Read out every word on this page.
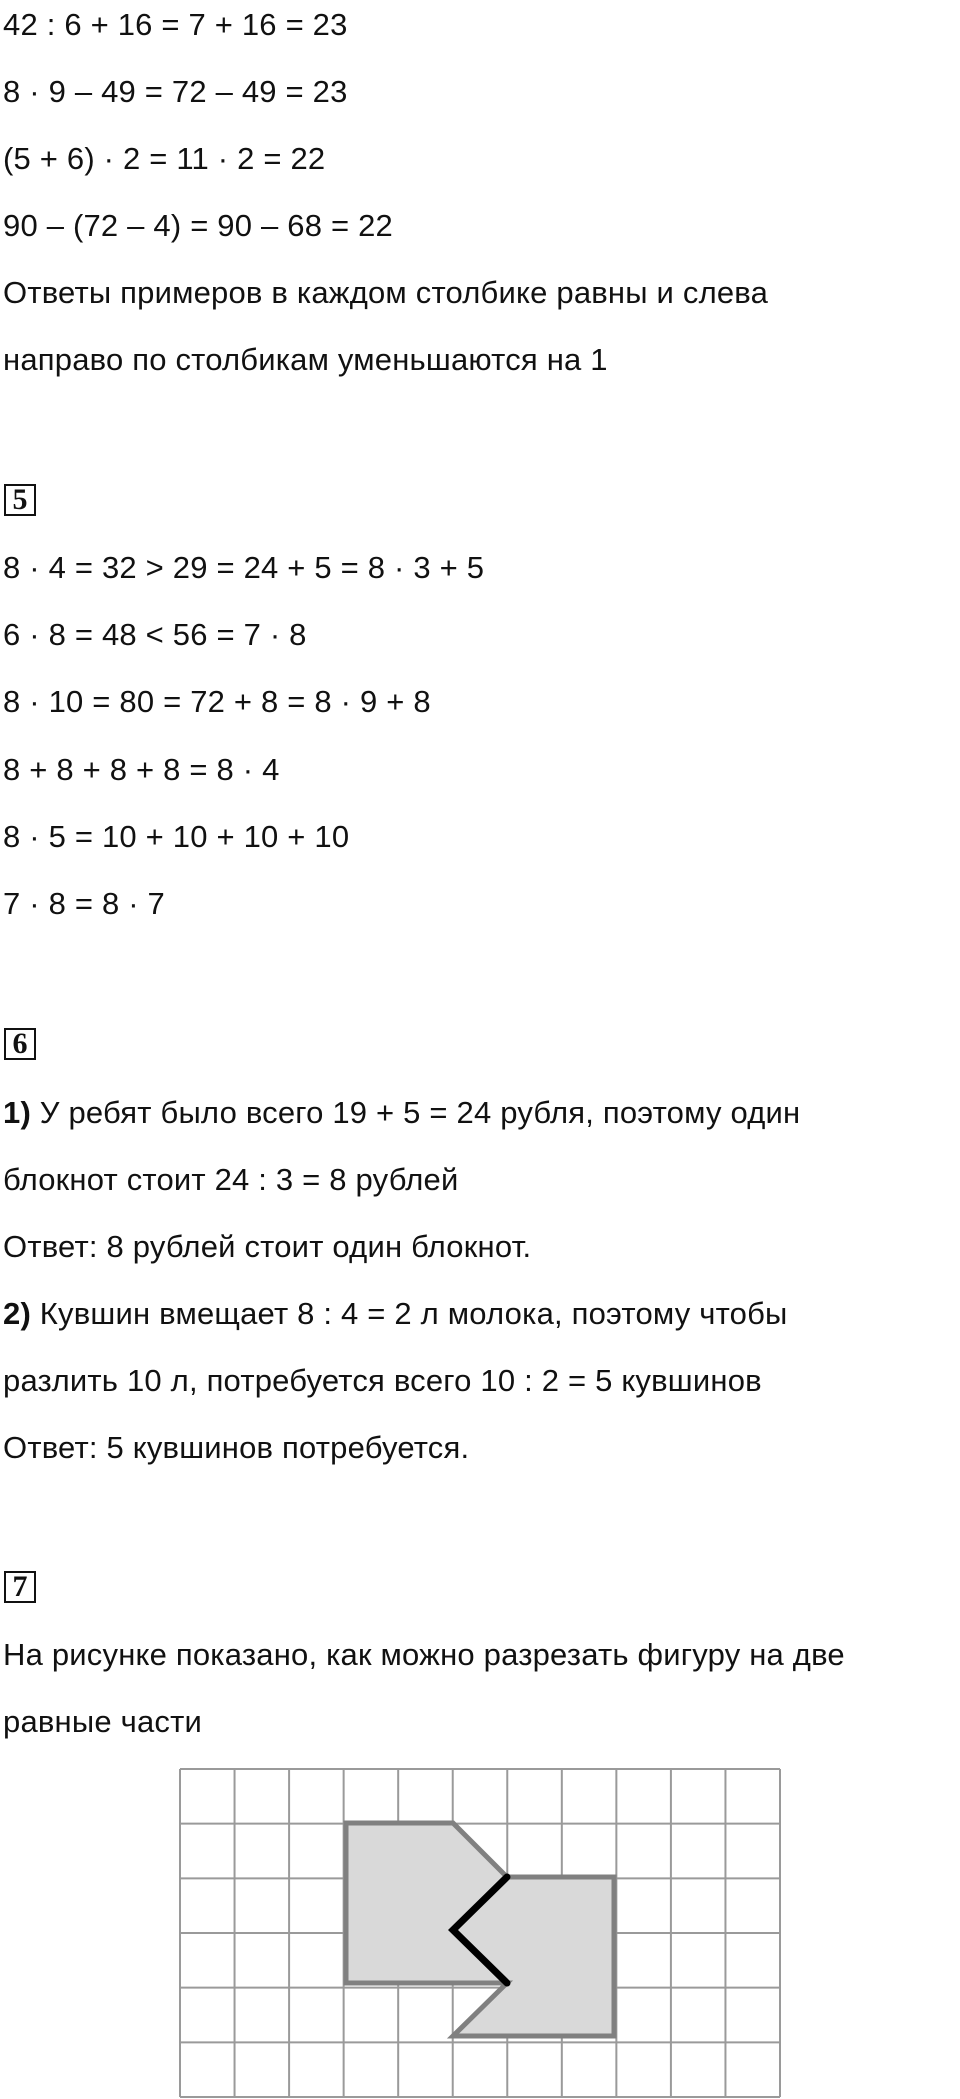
42 : 6 + 16 = 7 + 16 = 23
8 · 9 – 49 = 72 – 49 = 23
(5 + 6) · 2 = 11 · 2 = 22
90 – (72 – 4) = 90 – 68 = 22
Ответы примеров в каждом столбике равны и слева
направо по столбикам уменьшаются на 1
5
8 · 4 = 32 > 29 = 24 + 5 = 8 · 3 + 5
6 · 8 = 48 < 56 = 7 · 8
8 · 10 = 80 = 72 + 8 = 8 · 9 + 8
8 + 8 + 8 + 8 = 8 · 4
8 · 5 = 10 + 10 + 10 + 10
7 · 8 = 8 · 7
6
1) У ребят было всего 19 + 5 = 24 рубля, поэтому один
блокнот стоит 24 : 3 = 8 рублей
Ответ: 8 рублей стоит один блокнот.
2) Кувшин вмещает 8 : 4 = 2 л молока, поэтому чтобы
разлить 10 л, потребуется всего 10 : 2 = 5 кувшинов
Ответ: 5 кувшинов потребуется.
7
На рисунке показано, как можно разрезать фигуру на две
равные части
